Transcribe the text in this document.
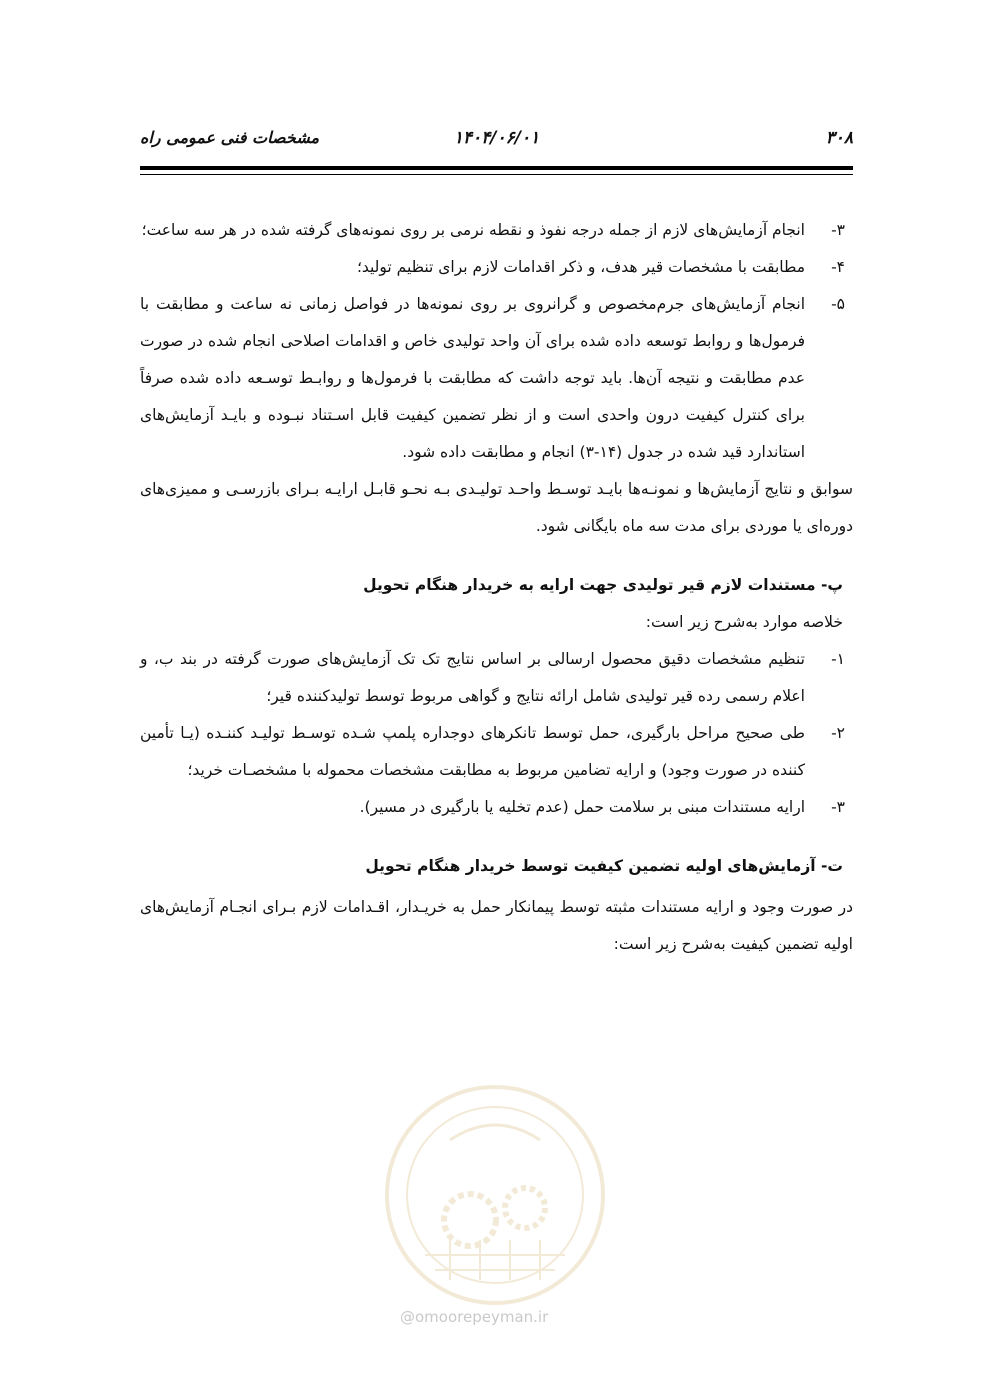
۳۰۸
۱۴۰۴/۰۶/۰۱
مشخصات فنی عمومی راه
۳-
انجام آزمایش‌های لازم از جمله درجه نفوذ و نقطه نرمی بر روی نمونه‌های گرفته شده در هر سه ساعت؛
۴-
مطابقت با مشخصات قیر هدف، و ذکر اقدامات لازم برای تنظیم تولید؛
۵-
انجام آزمایش‌های جرم‌مخصوص و گرانروی بر روی نمونه‌ها در فواصل زمانی نه ساعت و مطابقت با فرمول‌ها و روابط توسعه داده شده برای آن واحد تولیدی خاص و اقدامات اصلاحی انجام شده در صورت عدم مطابقت و نتیجه آن‌ها. باید توجه داشت که مطابقت با فرمول‌ها و روابـط توسـعه داده شده صرفاً برای کنترل کیفیت درون واحدی است و از نظر تضمین کیفیت قابل اسـتناد نبـوده و بایـد آزمایش‌های استاندارد قید شده در جدول (۱۴-۳) انجام و مطابقت داده شود.
سوابق و نتایج آزمایش‌ها و نمونـه‌ها بایـد توسـط واحـد تولیـدی بـه نحـو قابـل ارایـه بـرای بازرسـی و ممیزی‌های دوره‌ای یا موردی برای مدت سه ماه بایگانی شود.
پ- مستندات لازم قیر تولیدی جهت ارایه به خریدار هنگام تحویل
خلاصه موارد به‌شرح زیر است:
۱-
تنظیم مشخصات دقیق محصول ارسالی بر اساس نتایج تک تک آزمایش‌های صورت گرفته در بند ب، و اعلام رسمی رده قیر تولیدی شامل ارائه نتایج و گواهی مربوط توسط تولیدکننده قیر؛
۲-
طی صحیح مراحل بارگیری، حمل توسط تانکرهای دوجداره پلمپ شـده توسـط تولیـد کننـده (یـا تأمین کننده در صورت وجود) و ارایه تضامین مربوط به مطابقت مشخصات محموله با مشخصـات خرید؛
۳-
ارایه مستندات مبنی بر سلامت حمل (عدم تخلیه یا بارگیری در مسیر).
ت- آزمایش‌های اولیه تضمین کیفیت توسط خریدار هنگام تحویل
در صورت وجود و ارایه مستندات مثبته توسط پیمانکار حمل به خریـدار، اقـدامات لازم بـرای انجـام آزمایش‌های اولیه تضمین کیفیت به‌شرح زیر است:
@omoorepeyman.ir
